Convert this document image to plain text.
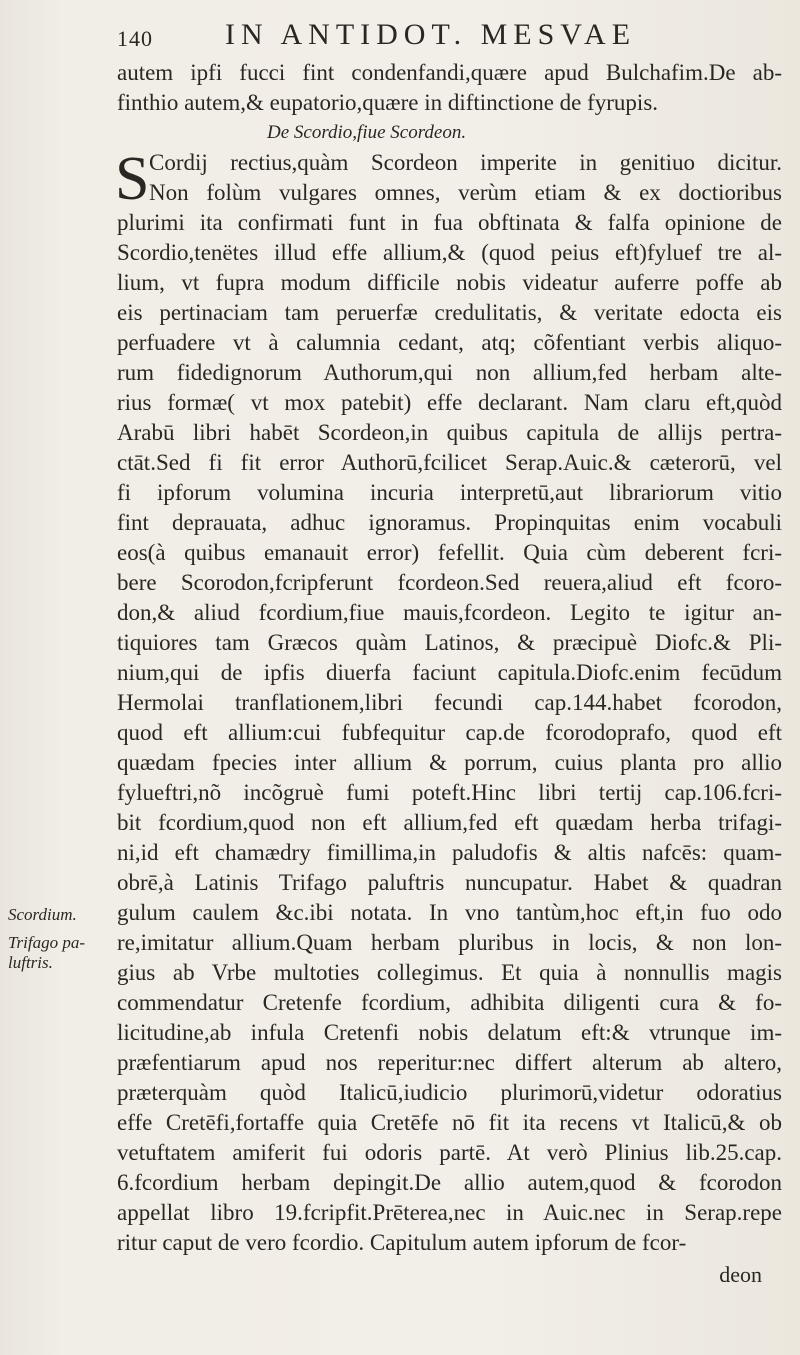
140 IN ANTIDOT. MESVAE
autem ipfi fucci fint condenfandi,quære apud Bulchafim.De ab-
finthio autem,& eupatorio,quære in diftinctione de fyrupis.
De Scordio,fiue Scordeon.
S Cordij rectius,quàm Scordeon imperite in genitiuo dicitur.
Non folùm vulgares omnes, verùm etiam & ex doctioribus
plurimi ita confirmati funt in fua obftinata & falfa opinione de
Scordio,tenëtes illud effe allium,& (quod peius eft)fyluef tre al-
lium, vt fupra modum difficile nobis videatur auferre poffe ab
eis pertinaciam tam peruerfæ credulitatis, & veritate edocta eis
perfuadere vt à calumnia cedant, atq; cõfentiant verbis aliquo-
rum fidedignorum Authorum,qui non allium,fed herbam alte-
rius formæ( vt mox patebit) effe declarant. Nam claru eft,quòd
Arabū libri habēt Scordeon,in quibus capitula de allijs pertra-
ctāt.Sed fi fit error Authorū,fcilicet Serap.Auic.& cæterorū, vel
fi ipforum volumina incuria interpretū,aut librariorum vitio
fint deprauata, adhuc ignoramus. Propinquitas enim vocabuli
eos(à quibus emanauit error) fefellit. Quia cùm deberent fcri-
bere Scorodon,fcripferunt fcordeon.Sed reuera,aliud eft fcoro-
don,& aliud fcordium,fiue mauis,fcordeon. Legito te igitur an-
tiquiores tam Græcos quàm Latinos, & præcipuè Diofc.& Pli-
nium,qui de ipfis diuerfa faciunt capitula.Diofc.enim fecūdum
Hermolai tranflationem,libri fecundi cap.144.habet fcorodon,
quod eft allium:cui fubfequitur cap.de fcorodoprafo, quod eft
quædam fpecies inter allium & porrum, cuius planta pro allio
fylueftri,nõ incõgruè fumi poteft.Hinc libri tertij cap.106.fcri-
bit fcordium,quod non eft allium,fed eft quædam herba trifagi-
ni,id eft chamædry fimillima,in paludofis & altis nafcēs: quam-
obrē,à Latinis Trifago paluftris nuncupatur. Habet & quadran
gulum caulem &c.ibi notata. In vno tantùm,hoc eft,in fuo odo
re,imitatur allium.Quam herbam pluribus in locis, & non lon-
gius ab Vrbe multoties collegimus. Et quia à nonnullis magis
commendatur Cretenfe fcordium, adhibita diligenti cura & fo-
licitudine,ab infula Cretenfi nobis delatum eft:& vtrunque im-
præfentiarum apud nos reperitur:nec differt alterum ab altero,
præterquàm quòd Italicū,iudicio plurimorū,videtur odoratius
effe Cretēfi,fortaffe quia Cretēfe nō fit ita recens vt Italicū,& ob
vetuftatem amiferit fui odoris partē. At verò Plinius lib.25.cap.
6.fcordium herbam depingit.De allio autem,quod & fcorodon
appellat libro 19.fcripfit.Prēterea,nec in Auic.nec in Serap.repe
ritur caput de vero fcordio. Capitulum autem ipforum de fcor-
Scordium.
Trifago pa-
luftris.
deon
